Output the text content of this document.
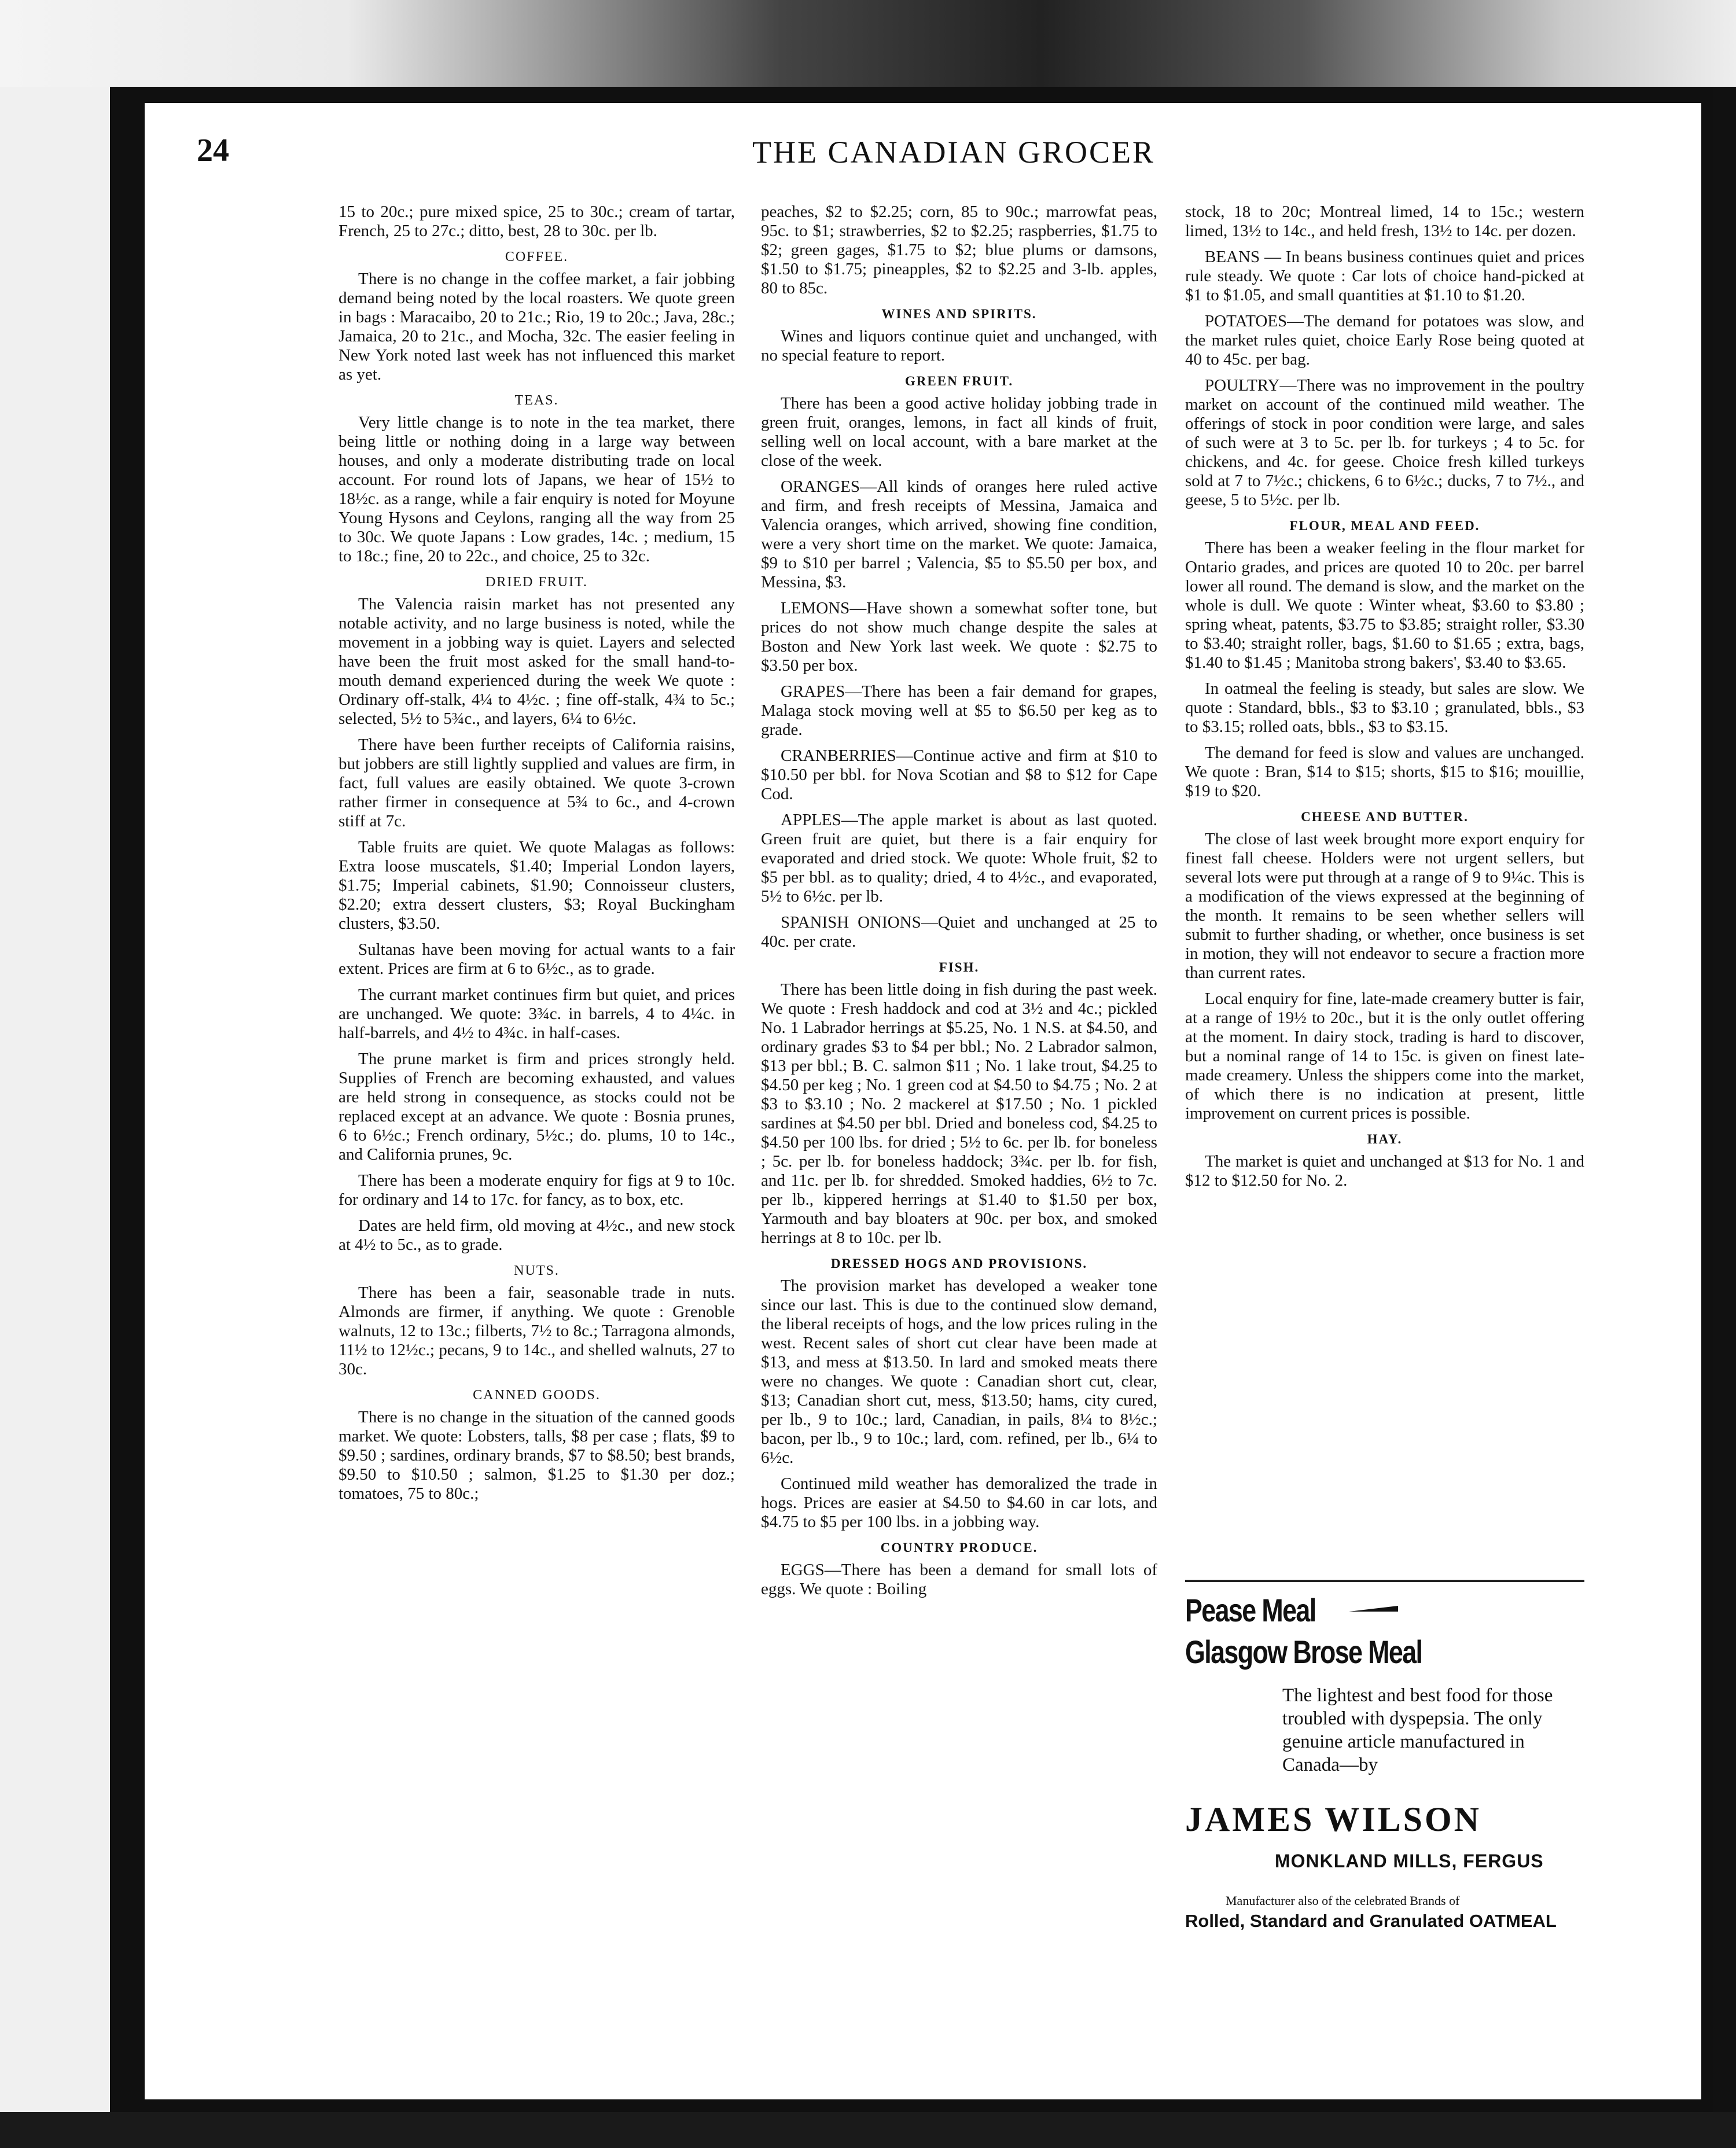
24	THE CANADIAN GROCER

15 to 20c.; pure mixed spice, 25 to 30c.; cream of tartar, French, 25 to 27c.; ditto, best, 28 to 30c. per lb.

COFFEE.

There is no change in the coffee market, a fair jobbing demand being noted by the local roasters. We quote green in bags : Maracaibo, 20 to 21c.; Rio, 19 to 20c.; Java, 28c.; Jamaica, 20 to 21c., and Mocha, 32c. The easier feeling in New York noted last week has not influenced this market as yet.

TEAS.

Very little change is to note in the tea market, there being little or nothing doing in a large way between houses, and only a moderate distributing trade on local account. For round lots of Japans, we hear of 15½ to 18½c. as a range, while a fair enquiry is noted for Moyune Young Hysons and Ceylons, ranging all the way from 25 to 30c. We quote Japans : Low grades, 14c. ; medium, 15 to 18c.; fine, 20 to 22c., and choice, 25 to 32c.

DRIED FRUIT.

The Valencia raisin market has not presented any notable activity, and no large business is noted, while the movement in a jobbing way is quiet. Layers and selected have been the fruit most asked for the small hand-to-mouth demand experienced during the week We quote : Ordinary off-stalk, 4¼ to 4½c. ; fine off-stalk, 4¾ to 5c.; selected, 5½ to 5¾c., and layers, 6¼ to 6½c.

There have been further receipts of California raisins, but jobbers are still lightly supplied and values are firm, in fact, full values are easily obtained. We quote 3-crown rather firmer in consequence at 5¾ to 6c., and 4-crown stiff at 7c.

Table fruits are quiet. We quote Malagas as follows: Extra loose muscatels, $1.40; Imperial London layers, $1.75; Imperial cabinets, $1.90; Connoisseur clusters, $2.20; extra dessert clusters, $3; Royal Buckingham clusters, $3.50.

Sultanas have been moving for actual wants to a fair extent. Prices are firm at 6 to 6½c., as to grade.

The currant market continues firm but quiet, and prices are unchanged. We quote: 3¾c. in barrels, 4 to 4¼c. in half-barrels, and 4½ to 4¾c. in half-cases.

The prune market is firm and prices strongly held. Supplies of French are becoming exhausted, and values are held strong in consequence, as stocks could not be replaced except at an advance. We quote : Bosnia prunes, 6 to 6½c.; French ordinary, 5½c.; do. plums, 10 to 14c., and California prunes, 9c.

There has been a moderate enquiry for figs at 9 to 10c. for ordinary and 14 to 17c. for fancy, as to box, etc.

Dates are held firm, old moving at 4½c., and new stock at 4½ to 5c., as to grade.

NUTS.

There has been a fair, seasonable trade in nuts. Almonds are firmer, if anything. We quote : Grenoble walnuts, 12 to 13c.; filberts, 7½ to 8c.; Tarragona almonds, 11½ to 12½c.; pecans, 9 to 14c., and shelled walnuts, 27 to 30c.

CANNED GOODS.

There is no change in the situation of the canned goods market. We quote: Lobsters, talls, $8 per case ; flats, $9 to $9.50 ; sardines, ordinary brands, $7 to $8.50; best brands, $9.50 to $10.50 ; salmon, $1.25 to $1.30 per doz.; tomatoes, 75 to 80c.;

peaches, $2 to $2.25; corn, 85 to 90c.; marrowfat peas, 95c. to $1; strawberries, $2 to $2.25; raspberries, $1.75 to $2; green gages, $1.75 to $2; blue plums or damsons, $1.50 to $1.75; pineapples, $2 to $2.25 and 3-lb. apples, 80 to 85c.

WINES AND SPIRITS.

Wines and liquors continue quiet and unchanged, with no special feature to report.

GREEN FRUIT.

There has been a good active holiday jobbing trade in green fruit, oranges, lemons, in fact all kinds of fruit, selling well on local account, with a bare market at the close of the week.

ORANGES—All kinds of oranges here ruled active and firm, and fresh receipts of Messina, Jamaica and Valencia oranges, which arrived, showing fine condition, were a very short time on the market. We quote: Jamaica, $9 to $10 per barrel ; Valencia, $5 to $5.50 per box, and Messina, $3.

LEMONS—Have shown a somewhat softer tone, but prices do not show much change despite the sales at Boston and New York last week. We quote : $2.75 to $3.50 per box.

GRAPES—There has been a fair demand for grapes, Malaga stock moving well at $5 to $6.50 per keg as to grade.

CRANBERRIES—Continue active and firm at $10 to $10.50 per bbl. for Nova Scotian and $8 to $12 for Cape Cod.

APPLES—The apple market is about as last quoted. Green fruit are quiet, but there is a fair enquiry for evaporated and dried stock. We quote: Whole fruit, $2 to $5 per bbl. as to quality; dried, 4 to 4½c., and evaporated, 5½ to 6½c. per lb.

SPANISH ONIONS—Quiet and unchanged at 25 to 40c. per crate.

FISH.

There has been little doing in fish during the past week. We quote : Fresh haddock and cod at 3½ and 4c.; pickled No. 1 Labrador herrings at $5.25, No. 1 N.S. at $4.50, and ordinary grades $3 to $4 per bbl.; No. 2 Labrador salmon, $13 per bbl.; B. C. salmon $11 ; No. 1 lake trout, $4.25 to $4.50 per keg ; No. 1 green cod at $4.50 to $4.75 ; No. 2 at $3 to $3.10 ; No. 2 mackerel at $17.50 ; No. 1 pickled sardines at $4.50 per bbl. Dried and boneless cod, $4.25 to $4.50 per 100 lbs. for dried ; 5½ to 6c. per lb. for boneless ; 5c. per lb. for boneless haddock; 3¾c. per lb. for fish, and 11c. per lb. for shredded. Smoked haddies, 6½ to 7c. per lb., kippered herrings at $1.40 to $1.50 per box, Yarmouth and bay bloaters at 90c. per box, and smoked herrings at 8 to 10c. per lb.

DRESSED HOGS AND PROVISIONS.

The provision market has developed a weaker tone since our last. This is due to the continued slow demand, the liberal receipts of hogs, and the low prices ruling in the west. Recent sales of short cut clear have been made at $13, and mess at $13.50. In lard and smoked meats there were no changes. We quote : Canadian short cut, clear, $13; Canadian short cut, mess, $13.50; hams, city cured, per lb., 9 to 10c.; lard, Canadian, in pails, 8¼ to 8½c.; bacon, per lb., 9 to 10c.; lard, com. refined, per lb., 6¼ to 6½c.

Continued mild weather has demoralized the trade in hogs. Prices are easier at $4.50 to $4.60 in car lots, and $4.75 to $5 per 100 lbs. in a jobbing way.

COUNTRY PRODUCE.

EGGS—There has been a demand for small lots of eggs. We quote : Boiling

stock, 18 to 20c; Montreal limed, 14 to 15c.; western limed, 13½ to 14c., and held fresh, 13½ to 14c. per dozen.

BEANS — In beans business continues quiet and prices rule steady. We quote : Car lots of choice hand-picked at $1 to $1.05, and small quantities at $1.10 to $1.20.

POTATOES—The demand for potatoes was slow, and the market rules quiet, choice Early Rose being quoted at 40 to 45c. per bag.

POULTRY—There was no improvement in the poultry market on account of the continued mild weather. The offerings of stock in poor condition were large, and sales of such were at 3 to 5c. per lb. for turkeys ; 4 to 5c. for chickens, and 4c. for geese. Choice fresh killed turkeys sold at 7 to 7½c.; chickens, 6 to 6½c.; ducks, 7 to 7½., and geese, 5 to 5½c. per lb.

FLOUR, MEAL AND FEED.

There has been a weaker feeling in the flour market for Ontario grades, and prices are quoted 10 to 20c. per barrel lower all round. The demand is slow, and the market on the whole is dull. We quote : Winter wheat, $3.60 to $3.80 ; spring wheat, patents, $3.75 to $3.85; straight roller, $3.30 to $3.40; straight roller, bags, $1.60 to $1.65 ; extra, bags, $1.40 to $1.45 ; Manitoba strong bakers', $3.40 to $3.65.

In oatmeal the feeling is steady, but sales are slow. We quote : Standard, bbls., $3 to $3.10 ; granulated, bbls., $3 to $3.15; rolled oats, bbls., $3 to $3.15.

The demand for feed is slow and values are unchanged. We quote : Bran, $14 to $15; shorts, $15 to $16; mouillie, $19 to $20.

CHEESE AND BUTTER.

The close of last week brought more export enquiry for finest fall cheese. Holders were not urgent sellers, but several lots were put through at a range of 9 to 9¼c. This is a modification of the views expressed at the beginning of the month. It remains to be seen whether sellers will submit to further shading, or whether, once business is set in motion, they will not endeavor to secure a fraction more than current rates.

Local enquiry for fine, late-made creamery butter is fair, at a range of 19½ to 20c., but it is the only outlet offering at the moment. In dairy stock, trading is hard to discover, but a nominal range of 14 to 15c. is given on finest late-made creamery. Unless the shippers come into the market, of which there is no indication at present, little improvement on current prices is possible.

HAY.

The market is quiet and unchanged at $13 for No. 1 and $12 to $12.50 for No. 2.

Pease Meal
Glasgow Brose Meal
The lightest and best food for those troubled with dyspepsia. The only genuine article manufactured in Canada—by
JAMES WILSON
MONKLAND MILLS, FERGUS
Manufacturer also of the celebrated Brands of
Rolled, Standard and Granulated OATMEAL
